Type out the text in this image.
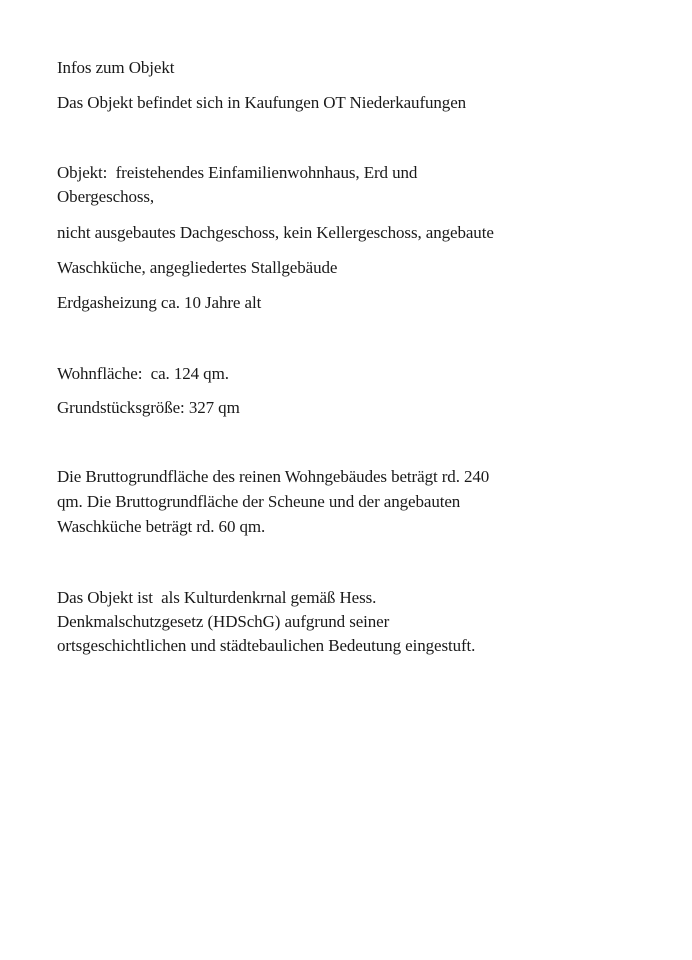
Infos zum Objekt
Das Objekt befindet sich in Kaufungen OT Niederkaufungen
Objekt:  freistehendes Einfamilienwohnhaus, Erd und
Obergeschoss,
nicht ausgebautes Dachgeschoss, kein Kellergeschoss, angebaute
Waschküche, angegliedertes Stallgebäude
Erdgasheizung ca. 10 Jahre alt
Wohnfläche:  ca. 124 qm.
Grundstücksgröße: 327 qm
Die Bruttogrundfläche des reinen Wohngebäudes beträgt rd. 240
qm. Die Bruttogrundfläche der Scheune und der angebauten
Waschküche beträgt rd. 60 qm.
Das Objekt ist  als Kulturdenkrnal gemäß Hess.
Denkmalschutzgesetz (HDSchG) aufgrund seiner
ortsgeschichtlichen und städtebaulichen Bedeutung eingestuft.
